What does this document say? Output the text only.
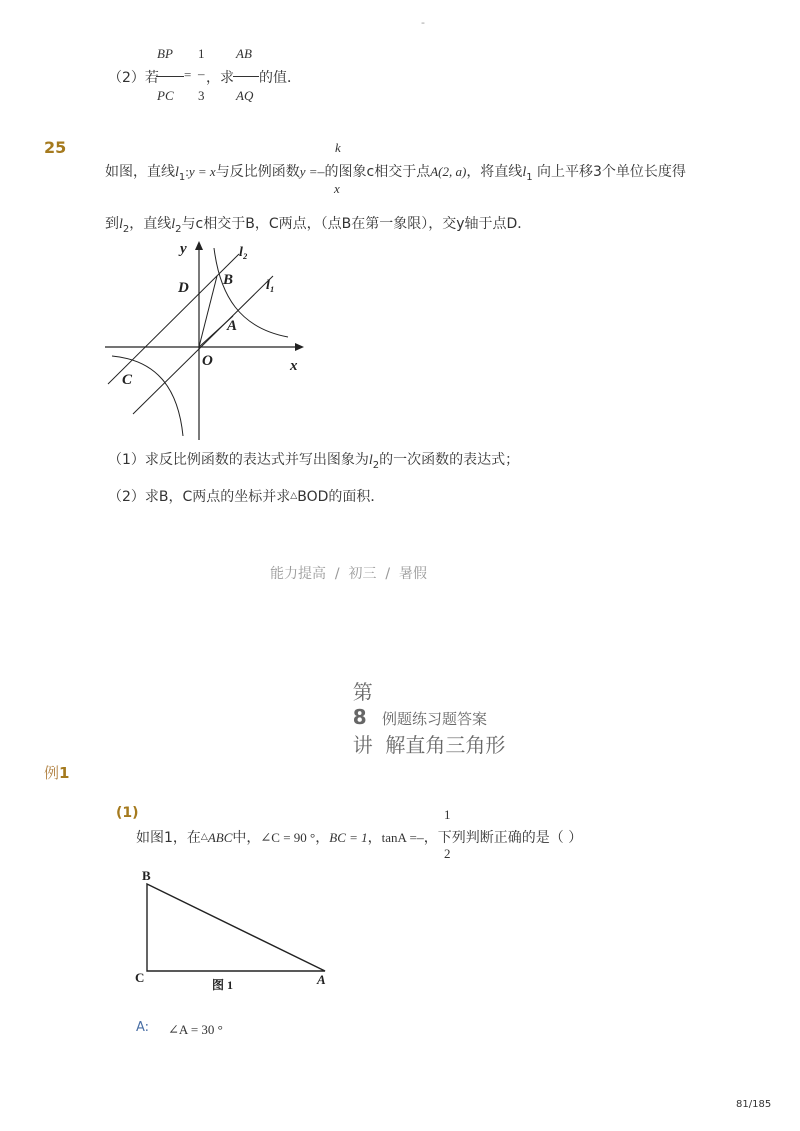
-
BP 1 AB
（2）若 = – ，求 的值．
PC 3 AQ
25	k
如图，直线$l_1:y = x$与反比例函数y =–的图象c相交于点A(2, a)，将直线$l_1$ 向上平移3个单位长度得
x
到$l_2$，直线$l_2$与c相交于B，C两点，（点B在第一象限），交y轴于点D．
y
x
O
A
B
C
D
l₂
l₁
（1）求反比例函数的表达式并写出图象为$l_2$的一次函数的表达式；
（2）求B，C两点的坐标并求△BOD的面积．
能力提高  /  初三  /  暑假

第
8
讲  解直角三角形

例题练习题答案
例1
(1)	1
如图1，在△ABC中，∠C = 90 °，BC = 1，tanA =–，下列判断正确的是（ ）
2
B
C	A
图 1
A: ∠A = 30 °
81/185
